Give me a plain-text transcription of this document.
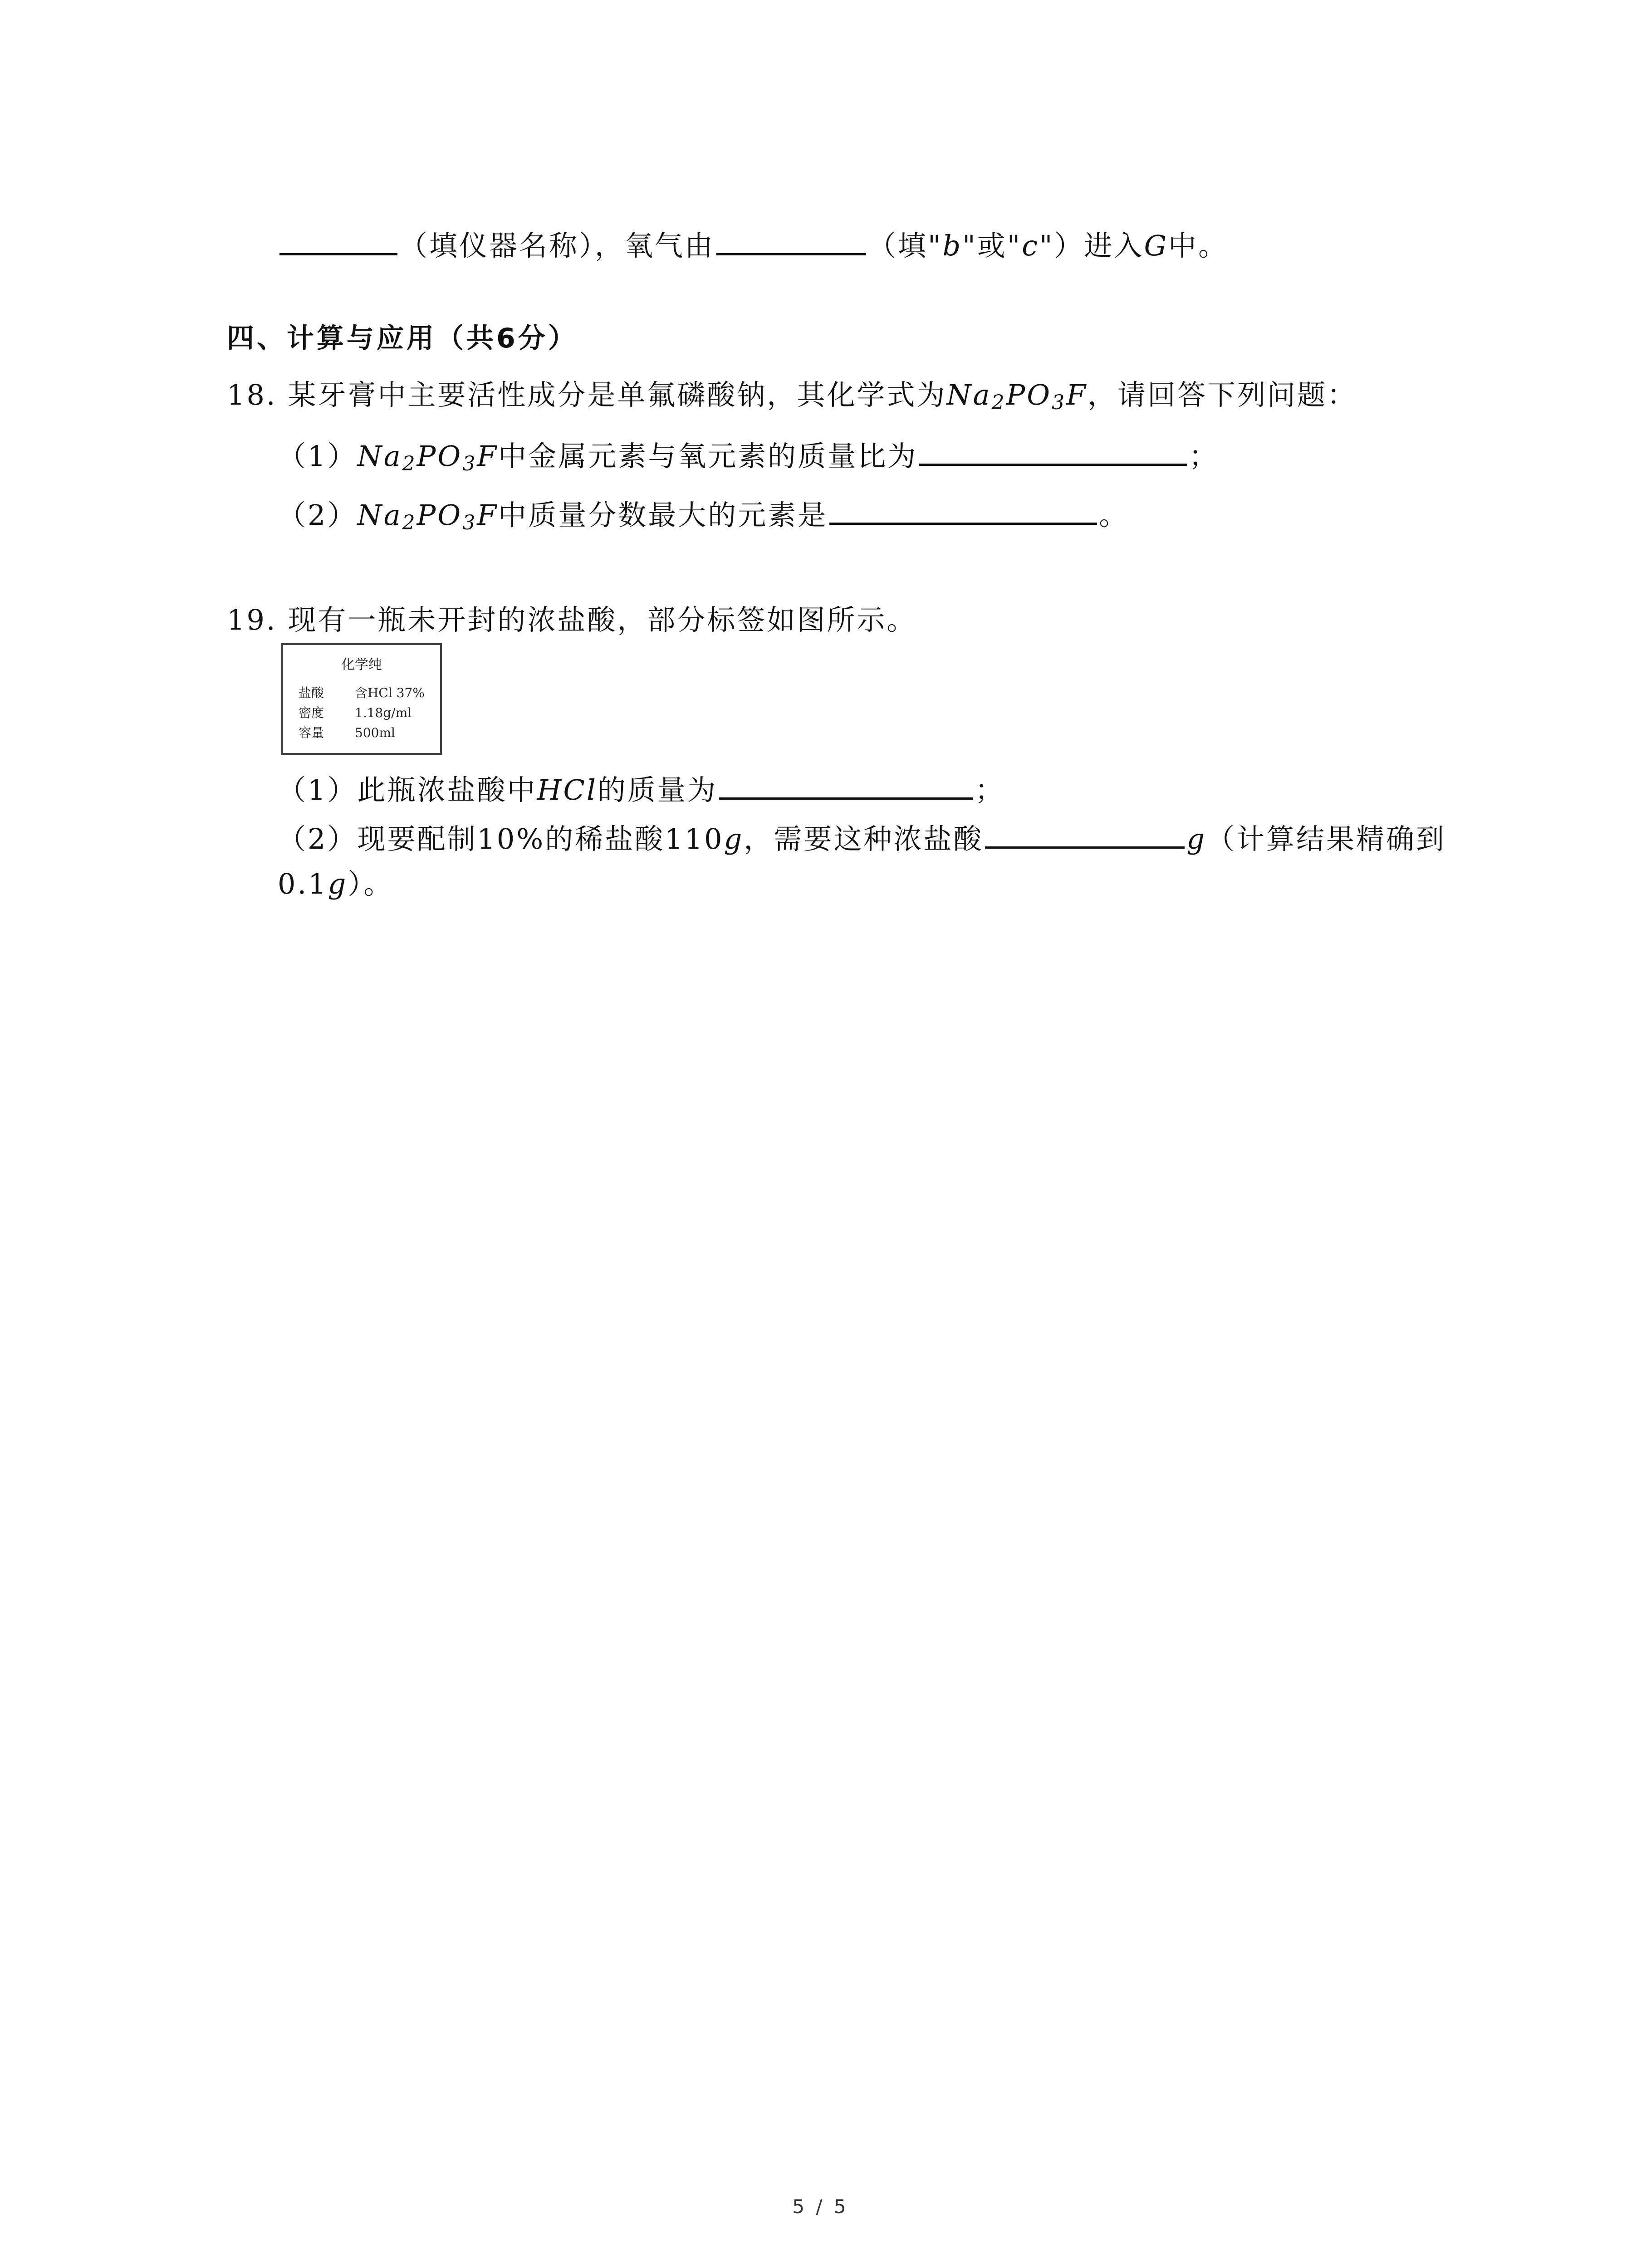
（填仪器名称），氧气由	（填"b"或"c"）进入G中。
四、计算与应用（共6分）
18. 某牙膏中主要活性成分是单氟磷酸钠，其化学式为$Na_2PO_3F$，请回答下列问题：
$(1)Na_2PO_3F$中金属元素与氧元素的质量比为	；
$(2)Na_2PO_3F$中质量分数最大的元素是	。
19. 现有一瓶未开封的浓盐酸，部分标签如图所示。
化学纯
盐酸 含HCl 37%
密度 1.18g/ml
容量 500ml
（1）此瓶浓盐酸中HCl的质量为	；
（2）现要配制10%的稀盐酸110g，需要这种浓盐酸	g（计算结果精确到
0.1g）。
5 / 5
